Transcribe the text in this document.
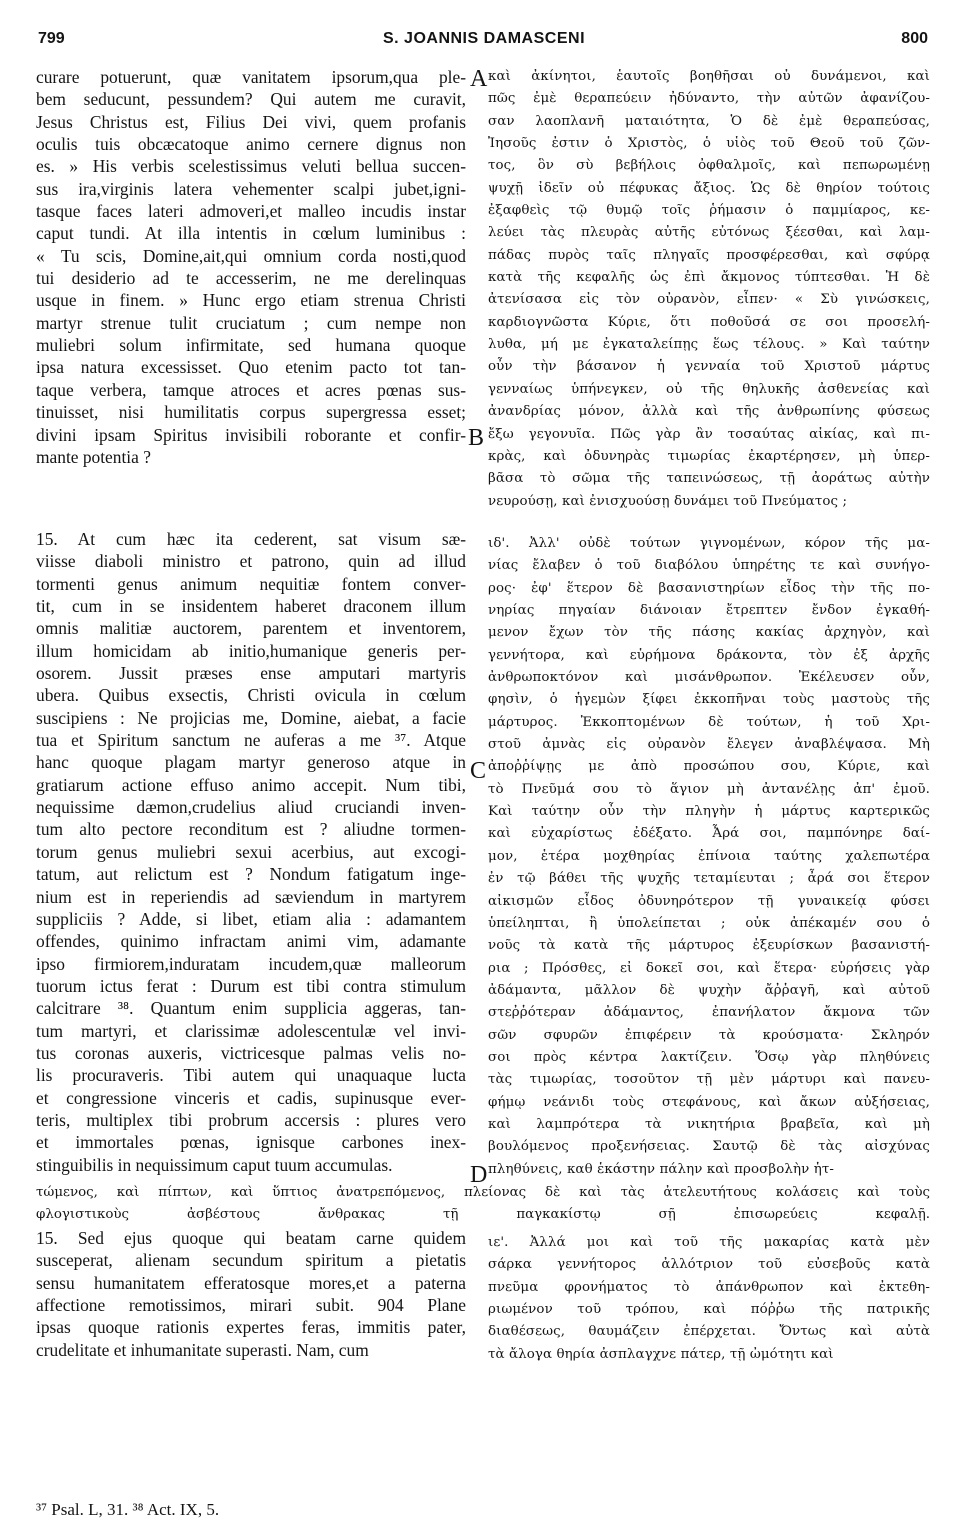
799	S. JOANNIS DAMASCENI	800
A
B
C
D
curare potuerunt, quæ vanitatem ipsorum,qua ple-
bem seducunt, pessundem? Qui autem me curavit,
Jesus Christus est, Filius Dei vivi, quem profanis
oculis tuis obcæcatoque animo cernere dignus non
es. » His verbis scelestissimus veluti bellua succen-
sus ira,virginis latera vehementer scalpi jubet,igni-
tasque faces lateri admoveri,et malleo incudis instar
caput tundi. At illa intentis in cœlum luminibus :
« Tu scis, Domine,ait,qui omnium corda nosti,quod
tui desiderio ad te accesserim, ne me derelinquas
usque in finem. » Hunc ergo etiam strenua Christi
martyr strenue tulit cruciatum ; cum nempe non
muliebri solum infirmitate, sed humana quoque
ipsa natura excessisset. Quo etenim pacto tot tan-
taque verbera, tamque atroces et acres pœnas sus-
tinuisset, nisi humilitatis corpus supergressa esset;
divini ipsam Spiritus invisibili roborante et confir-
mante potentia ?
15. At cum hæc ita cederent, sat visum sæ-
viisse diaboli ministro et patrono, quin ad illud
tormenti genus animum nequitiæ fontem conver-
tit, cum in se insidentem haberet draconem illum
omnis malitiæ auctorem, parentem et inventorem,
illum homicidam ab initio,humanique generis per-
osorem. Jussit præses ense amputari martyris
ubera. Quibus exsectis, Christi ovicula in cœlum
suscipiens : Ne projicias me, Domine, aiebat, a facie
tua et Spiritum sanctum ne auferas a me ³⁷. Atque
hanc quoque plagam martyr generoso atque in
gratiarum actione effuso animo accepit. Num tibi,
nequissime dæmon,crudelius aliud cruciandi inven-
tum alto pectore reconditum est ? aliudne tormen-
torum genus muliebri sexui acerbius, aut excogi-
tatum, aut relictum est ? Nondum fatigatum inge-
nium est in reperiendis ad sæviendum in martyrem
suppliciis ? Adde, si libet, etiam alia : adamantem
offendes, quinimo infractam animi vim, adamante
ipso firmiorem,induratam incudem,quæ malleorum
tuorum ictus ferat : Durum est tibi contra stimulum
calcitrare ³⁸. Quantum enim supplicia aggeras, tan-
tum martyri, et clarissimæ adolescentulæ vel invi-
tus coronas auxeris, victricesque palmas velis no-
lis procuraveris. Tibi autem qui unaquaque lucta
et congressione vinceris et cadis, supinusque ever-
teris, multiplex tibi probrum accersis : plures vero
et immortales pœnas, ignisque carbones inex-
stinguibilis in nequissimum caput tuum accumulas.
καὶ ἀκίνητοι, ἑαυτοῖς βοηθῆσαι οὐ δυνάμενοι, καὶ
πῶς ἐμὲ θεραπεύειν ἠδύναντο, τὴν αὐτῶν ἀφανίζου-
σαν λαοπλανῆ ματαιότητα, Ὁ δὲ ἐμὲ θεραπεύσας,
Ἰησοῦς ἐστιν ὁ Χριστὸς, ὁ υἱὸς τοῦ Θεοῦ τοῦ ζῶν-
τος, ὃν σὺ βεβήλοις ὀφθαλμοῖς, καὶ πεπωρωμένῃ
ψυχῇ ἰδεῖν οὐ πέφυκας ἄξιος. Ὡς δὲ θηρίον τούτοις
ἐξαφθεὶς τῷ θυμῷ τοῖς ῥήμασιν ὁ παμμίαρος, κε-
λεύει τὰς πλευρὰς αὐτῆς εὐτόνως ξέεσθαι, καὶ λαμ-
πάδας πυρὸς ταῖς πληγαῖς προσφέρεσθαι, καὶ σφύρᾳ
κατὰ τῆς κεφαλῆς ὡς ἐπὶ ἄκμονος τύπτεσθαι. Ἡ δὲ
ἀτενίσασα εἰς τὸν οὐρανὸν, εἶπεν· « Σὺ γινώσκεις,
καρδιογνῶστα Κύριε, ὅτι ποθοῦσά σε σοι προσελή-
λυθα, μή με ἐγκαταλείπῃς ἕως τέλους. » Καὶ ταύτην
οὖν τὴν βάσανον ἡ γενναία τοῦ Χριστοῦ μάρτυς
γενναίως ὑπήνεγκεν, οὐ τῆς θηλυκῆς ἀσθενείας καὶ
ἀνανδρίας μόνον, ἀλλὰ καὶ τῆς ἀνθρωπίνης φύσεως
ἔξω γεγονυῖα. Πῶς γὰρ ἂν τοσαύτας αἰκίας, καὶ πι-
κρὰς, καὶ ὀδυνηρὰς τιμωρίας ἐκαρτέρησεν, μὴ ὑπερ-
βᾶσα τὸ σῶμα τῆς ταπεινώσεως, τῇ ἀοράτως αὐτὴν
νευρούσῃ, καὶ ἐνισχυούσῃ δυνάμει τοῦ Πνεύματος ;
ιδ'. Ἀλλ' οὐδὲ τούτων γιγνομένων, κόρον τῆς μα-
νίας ἔλαβεν ὁ τοῦ διαβόλου ὑπηρέτης τε καὶ συνήγο-
ρος· ἐφ' ἕτερον δὲ βασανιστηρίων εἶδος τὴν τῆς πο-
νηρίας πηγαίαν διάνοιαν ἔτρεπτεν ἔνδον ἐγκαθή-
μενον ἔχων τὸν τῆς πάσης κακίας ἀρχηγὸν, καὶ
γεννήτορα, καὶ εὑρήμονα δράκοντα, τὸν ἐξ ἀρχῆς
ἀνθρωποκτόνον καὶ μισάνθρωπον. Ἐκέλευσεν οὖν,
φησὶν, ὁ ἡγεμὼν ξίφει ἐκκοπῆναι τοὺς μαστοὺς τῆς
μάρτυρος. Ἐκκοπτομένων δὲ τούτων, ἡ τοῦ Χρι-
στοῦ ἀμνὰς εἰς οὐρανὸν ἔλεγεν ἀναβλέψασα. Μὴ
ἀποῤῥίψῃς με ἀπὸ προσώπου σου, Κύριε, καὶ
τὸ Πνεῦμά σου τὸ ἅγιον μὴ ἀντανέλῃς ἀπ' ἐμοῦ.
Καὶ ταύτην οὖν τὴν πληγὴν ἡ μάρτυς καρτερικῶς
καὶ εὐχαρίστως ἐδέξατο. Ἆρά σοι, παμπόνηρε δαί-
μον, ἑτέρα μοχθηρίας ἐπίνοια ταύτης χαλεπωτέρα
ἐν τῷ βάθει τῆς ψυχῆς τεταμίευται ; ἆρά σοι ἕτερον
αἰκισμῶν εἶδος ὀδυνηρότερον τῇ γυναικείᾳ φύσει
ὑπείληπται, ἢ ὑπολείπεται ; οὐκ ἀπέκαμέν σου ὁ
νοῦς τὰ κατὰ τῆς μάρτυρος ἐξευρίσκων βασανιστή-
ρια ; Πρόσθες, εἰ δοκεῖ σοι, καὶ ἕτερα· εὑρήσεις γὰρ
ἀδάμαντα, μᾶλλον δὲ ψυχὴν ἄῤῥαγῆ, καὶ αὐτοῦ
στεῤῥότεραν ἀδάμαντος, ἐπανήλατον ἄκμονα τῶν
σῶν σφυρῶν ἐπιφέρειν τὰ κρούσματα· Σκληρόν
σοι πρὸς κέντρα λακτίζειν. Ὅσῳ γὰρ πληθύνεις
τὰς τιμωρίας, τοσοῦτον τῇ μὲν μάρτυρι καὶ πανευ-
φήμῳ νεάνιδι τοὺς στεφάνους, καὶ ἄκων αὐξήσειας,
καὶ λαμπρότερα τὰ νικητήρια βραβεῖα, καὶ μὴ
βουλόμενος προξενήσειας. Σαυτῷ δὲ τὰς αἰσχύνας
πληθύνεις, καθ ἑκάστην πάλην καὶ προσβολὴν ἡτ-
τώμενος, καὶ πίπτων, καὶ ὕπτιος ἀνατρεπόμενος, πλείονας δὲ καὶ τὰς ἀτελευτήτους κολάσεις καὶ τοὺς
φλογιστικοὺς ἀσβέστους ἄνθρακας τῇ παγκακίστῳ σῇ ἐπισωρεύεις κεφαλῇ.
15. Sed ejus quoque qui beatam carne quidem
susceperat, alienam secundum spiritum a pietatis
sensu humanitatem efferatosque mores,et a paterna
affectione remotissimos, mirari subit. 904 Plane
ipsas quoque rationis expertes feras, immitis pater,
crudelitate et inhumanitate superasti. Nam, cum
ιε'. Ἀλλά μοι καὶ τοῦ τῆς μακαρίας κατὰ μὲν
σάρκα γεννήτορος ἀλλότριον τοῦ εὐσεβοῦς κατὰ
πνεῦμα φρονήματος τὸ ἀπάνθρωπον καὶ ἐκτεθη-
ριωμένον τοῦ τρόπου, καὶ πόῤῥω τῆς πατρικῆς
διαθέσεως, θαυμάζειν ἐπέρχεται. Ὄντως καὶ αὐτὰ
τὰ ἄλογα θηρία ἀσπλαγχνε πάτερ, τῇ ὠμότητι καὶ
³⁷ Psal. L, 31. ³⁸ Act. IX, 5.
